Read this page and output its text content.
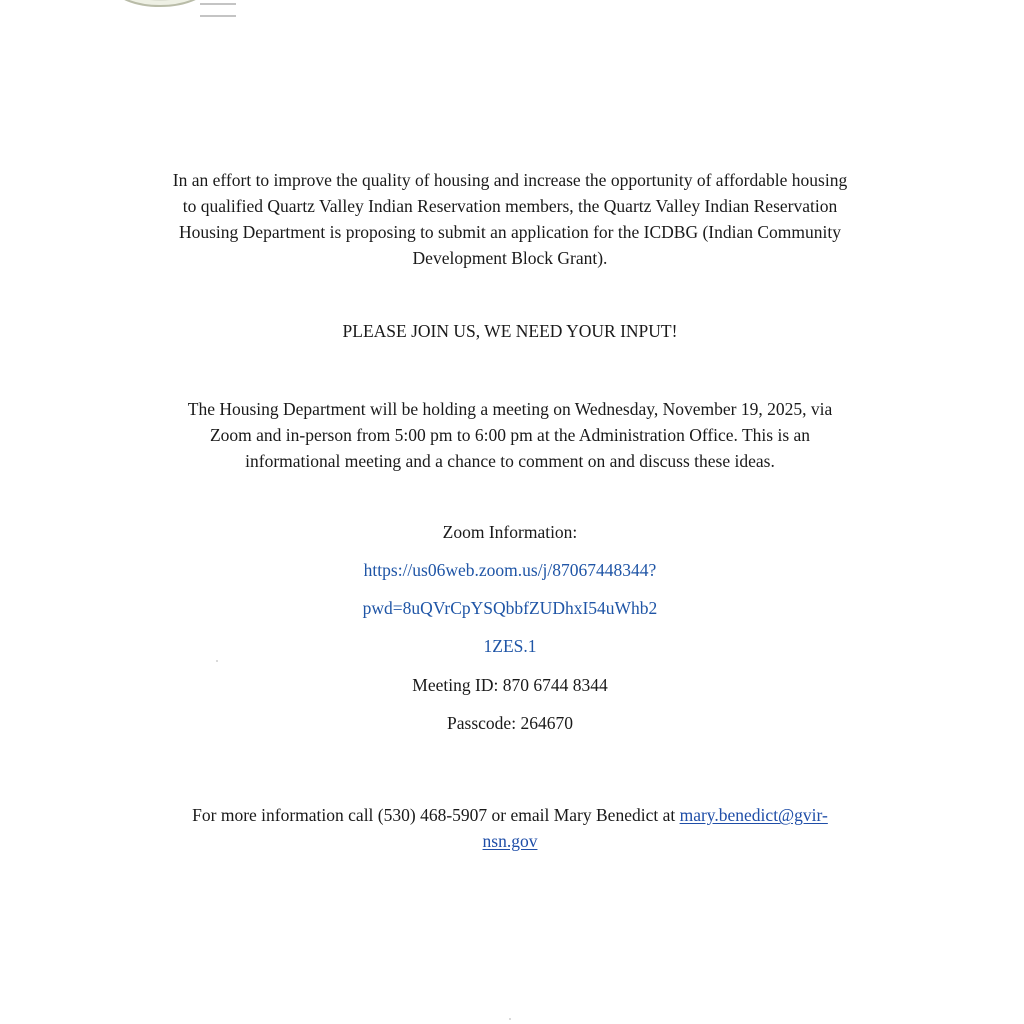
In an effort to improve the quality of housing and increase the opportunity of affordable housing
to qualified Quartz Valley Indian Reservation members, the Quartz Valley Indian Reservation
Housing Department is proposing to submit an application for the ICDBG (Indian Community
Development Block Grant).
PLEASE JOIN US, WE NEED YOUR INPUT!
The Housing Department will be holding a meeting on Wednesday, November 19, 2025, via
Zoom and in-person from 5:00 pm to 6:00 pm at the Administration Office. This is an
informational meeting and a chance to comment on and discuss these ideas.
Zoom Information:
https://us06web.zoom.us/j/87067448344?
pwd=8uQVrCpYSQbbfZUDhxI54uWhb2
1ZES.1
Meeting ID: 870 6744 8344
Passcode: 264670
For more information call (530) 468-5907 or email Mary Benedict at mary.benedict@gvir-
nsn.gov
